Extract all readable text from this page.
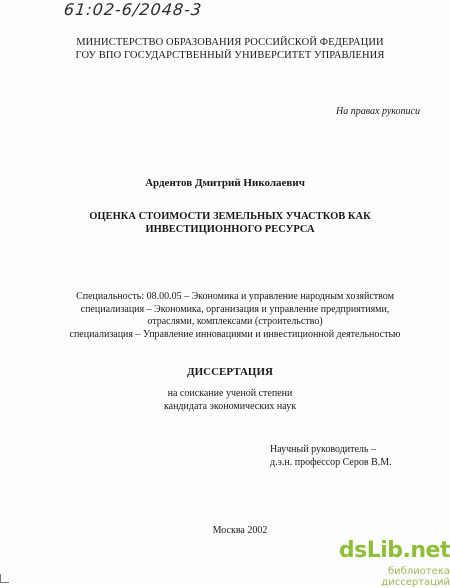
61:02-6/2048-3
МИНИСТЕРСТВО ОБРАЗОВАНИЯ РОССИЙСКОЙ ФЕДЕРАЦИИ
ГОУ ВПО ГОСУДАРСТВЕННЫЙ УНИВЕРСИТЕТ УПРАВЛЕНИЯ
На правах рукописи
Ардентов Дмитрий Николаевич
ОЦЕНКА СТОИМОСТИ ЗЕМЕЛЬНЫХ УЧАСТКОВ КАК
ИНВЕСТИЦИОННОГО РЕСУРСА
Специальность: 08.00.05 – Экономика и управление народным хозяйством
специализация – Экономика, организация и управление предприятиями,
отраслями, комплексами (строительство)
специализация – Управление инновациями и инвестиционной деятельностью
ДИССЕРТАЦИЯ
на соискание ученой степени
кандидата экономических наук
Научный руководитель –
д.э.н. профессор Серов В.М.
Москва 2002
dsLib.net
библиотека диссертаций
